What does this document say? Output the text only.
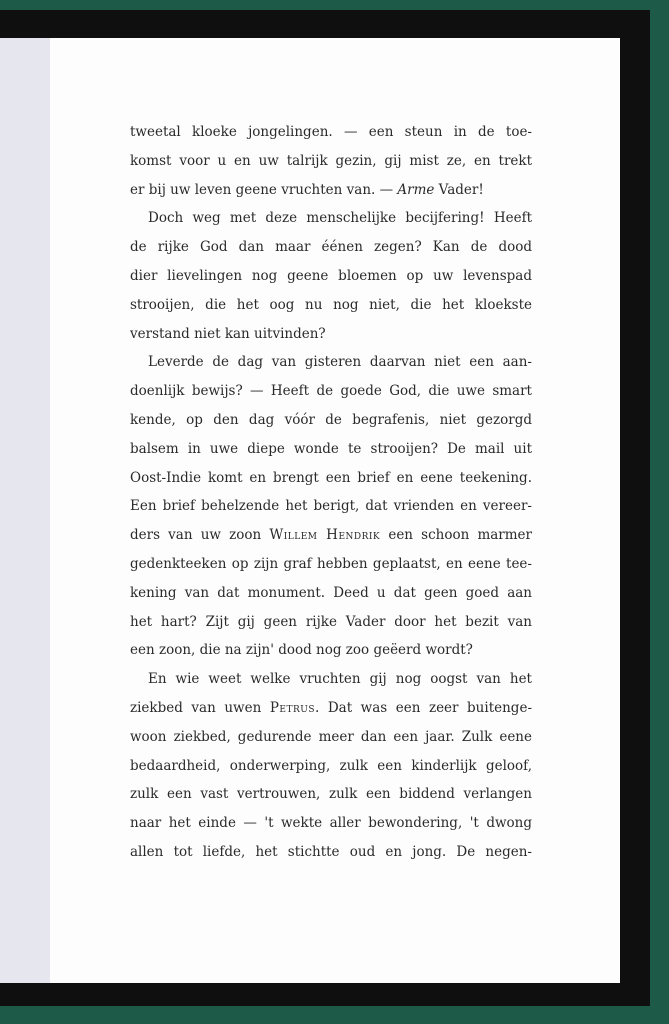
tweetal kloeke jongelingen. — een steun in de toe-
komst voor u en uw talrijk gezin, gij mist ze, en trekt
er bij uw leven geene vruchten van. — Arme Vader!
Doch weg met deze menschelijke becijfering! Heeft
de rijke God dan maar éénen zegen? Kan de dood
dier lievelingen nog geene bloemen op uw levenspad
strooijen, die het oog nu nog niet, die het kloekste
verstand niet kan uitvinden?
Leverde de dag van gisteren daarvan niet een aan-
doenlijk bewijs? — Heeft de goede God, die uwe smart
kende, op den dag vóór de begrafenis, niet gezorgd
balsem in uwe diepe wonde te strooijen? De mail uit
Oost-Indie komt en brengt een brief en eene teekening.
Een brief behelzende het berigt, dat vrienden en vereer-
ders van uw zoon Willem Hendrik een schoon marmer
gedenkteeken op zijn graf hebben geplaatst, en eene tee-
kening van dat monument. Deed u dat geen goed aan
het hart? Zijt gij geen rijke Vader door het bezit van
een zoon, die na zijn' dood nog zoo geëerd wordt?
En wie weet welke vruchten gij nog oogst van het
ziekbed van uwen Petrus. Dat was een zeer buitenge-
woon ziekbed, gedurende meer dan een jaar. Zulk eene
bedaardheid, onderwerping, zulk een kinderlijk geloof,
zulk een vast vertrouwen, zulk een biddend verlangen
naar het einde — 't wekte aller bewondering, 't dwong
allen tot liefde, het stichtte oud en jong. De negen-
